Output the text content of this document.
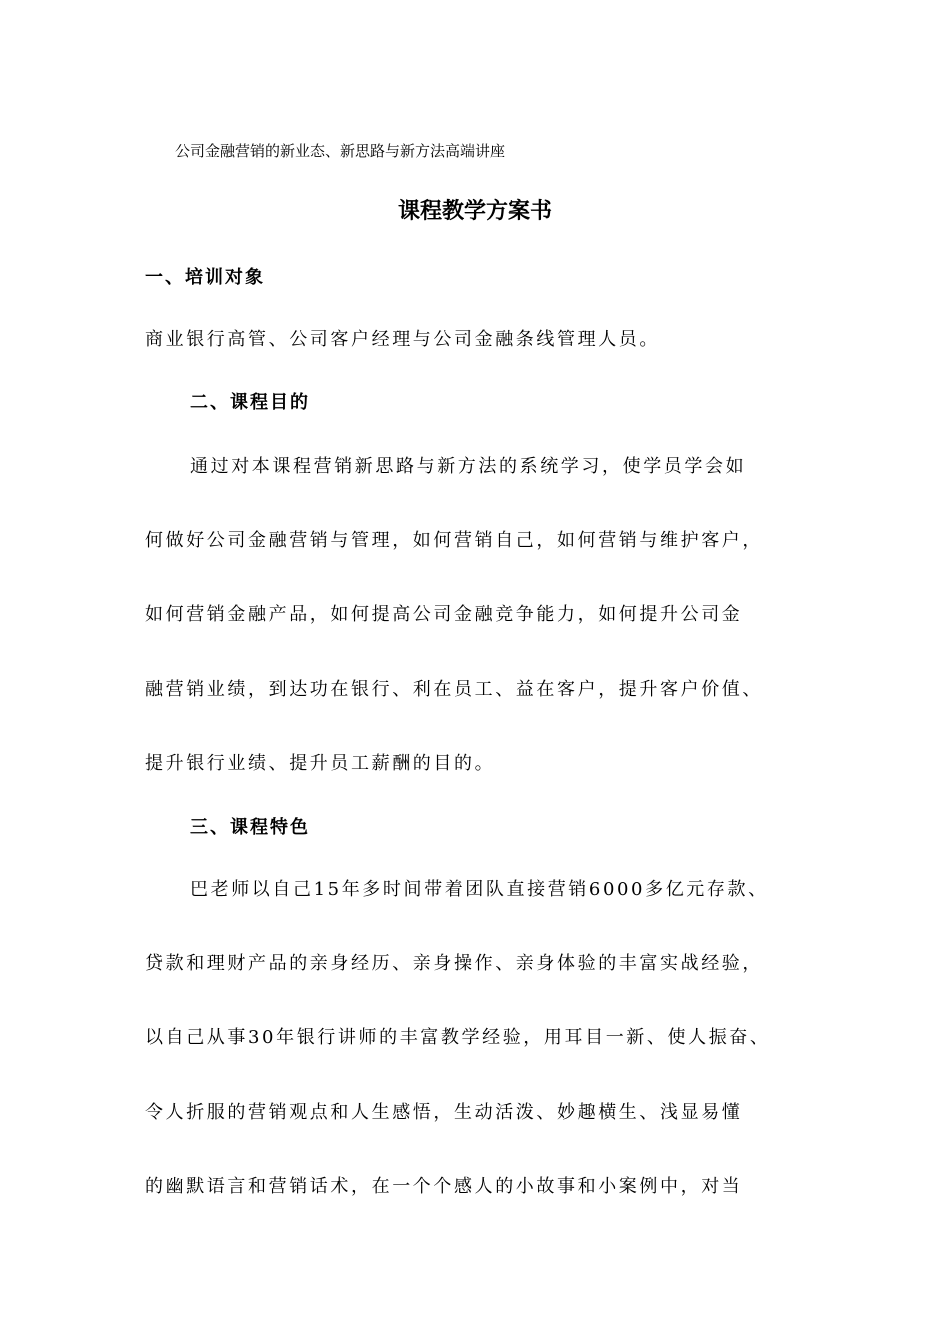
公司金融营销的新业态、新思路与新方法高端讲座

课程教学方案书
一、培训对象

商业银行高管、公司客户经理与公司金融条线管理人员。

二、课程目的

通过对本课程营销新思路与新方法的系统学习，使学员学会如

何做好公司金融营销与管理，如何营销自己，如何营销与维护客户，

如何营销金融产品，如何提高公司金融竞争能力，如何提升公司金

融营销业绩，到达功在银行、利在员工、益在客户，提升客户价值、

提升银行业绩、提升员工薪酬的目的。

三、课程特色

巴老师以自己15年多时间带着团队直接营销6000多亿元存款、

贷款和理财产品的亲身经历、亲身操作、亲身体验的丰富实战经验，

以自己从事30年银行讲师的丰富教学经验，用耳目一新、使人振奋、

令人折服的营销观点和人生感悟，生动活泼、妙趣横生、浅显易懂

的幽默语言和营销话术，在一个个感人的小故事和小案例中，对当
